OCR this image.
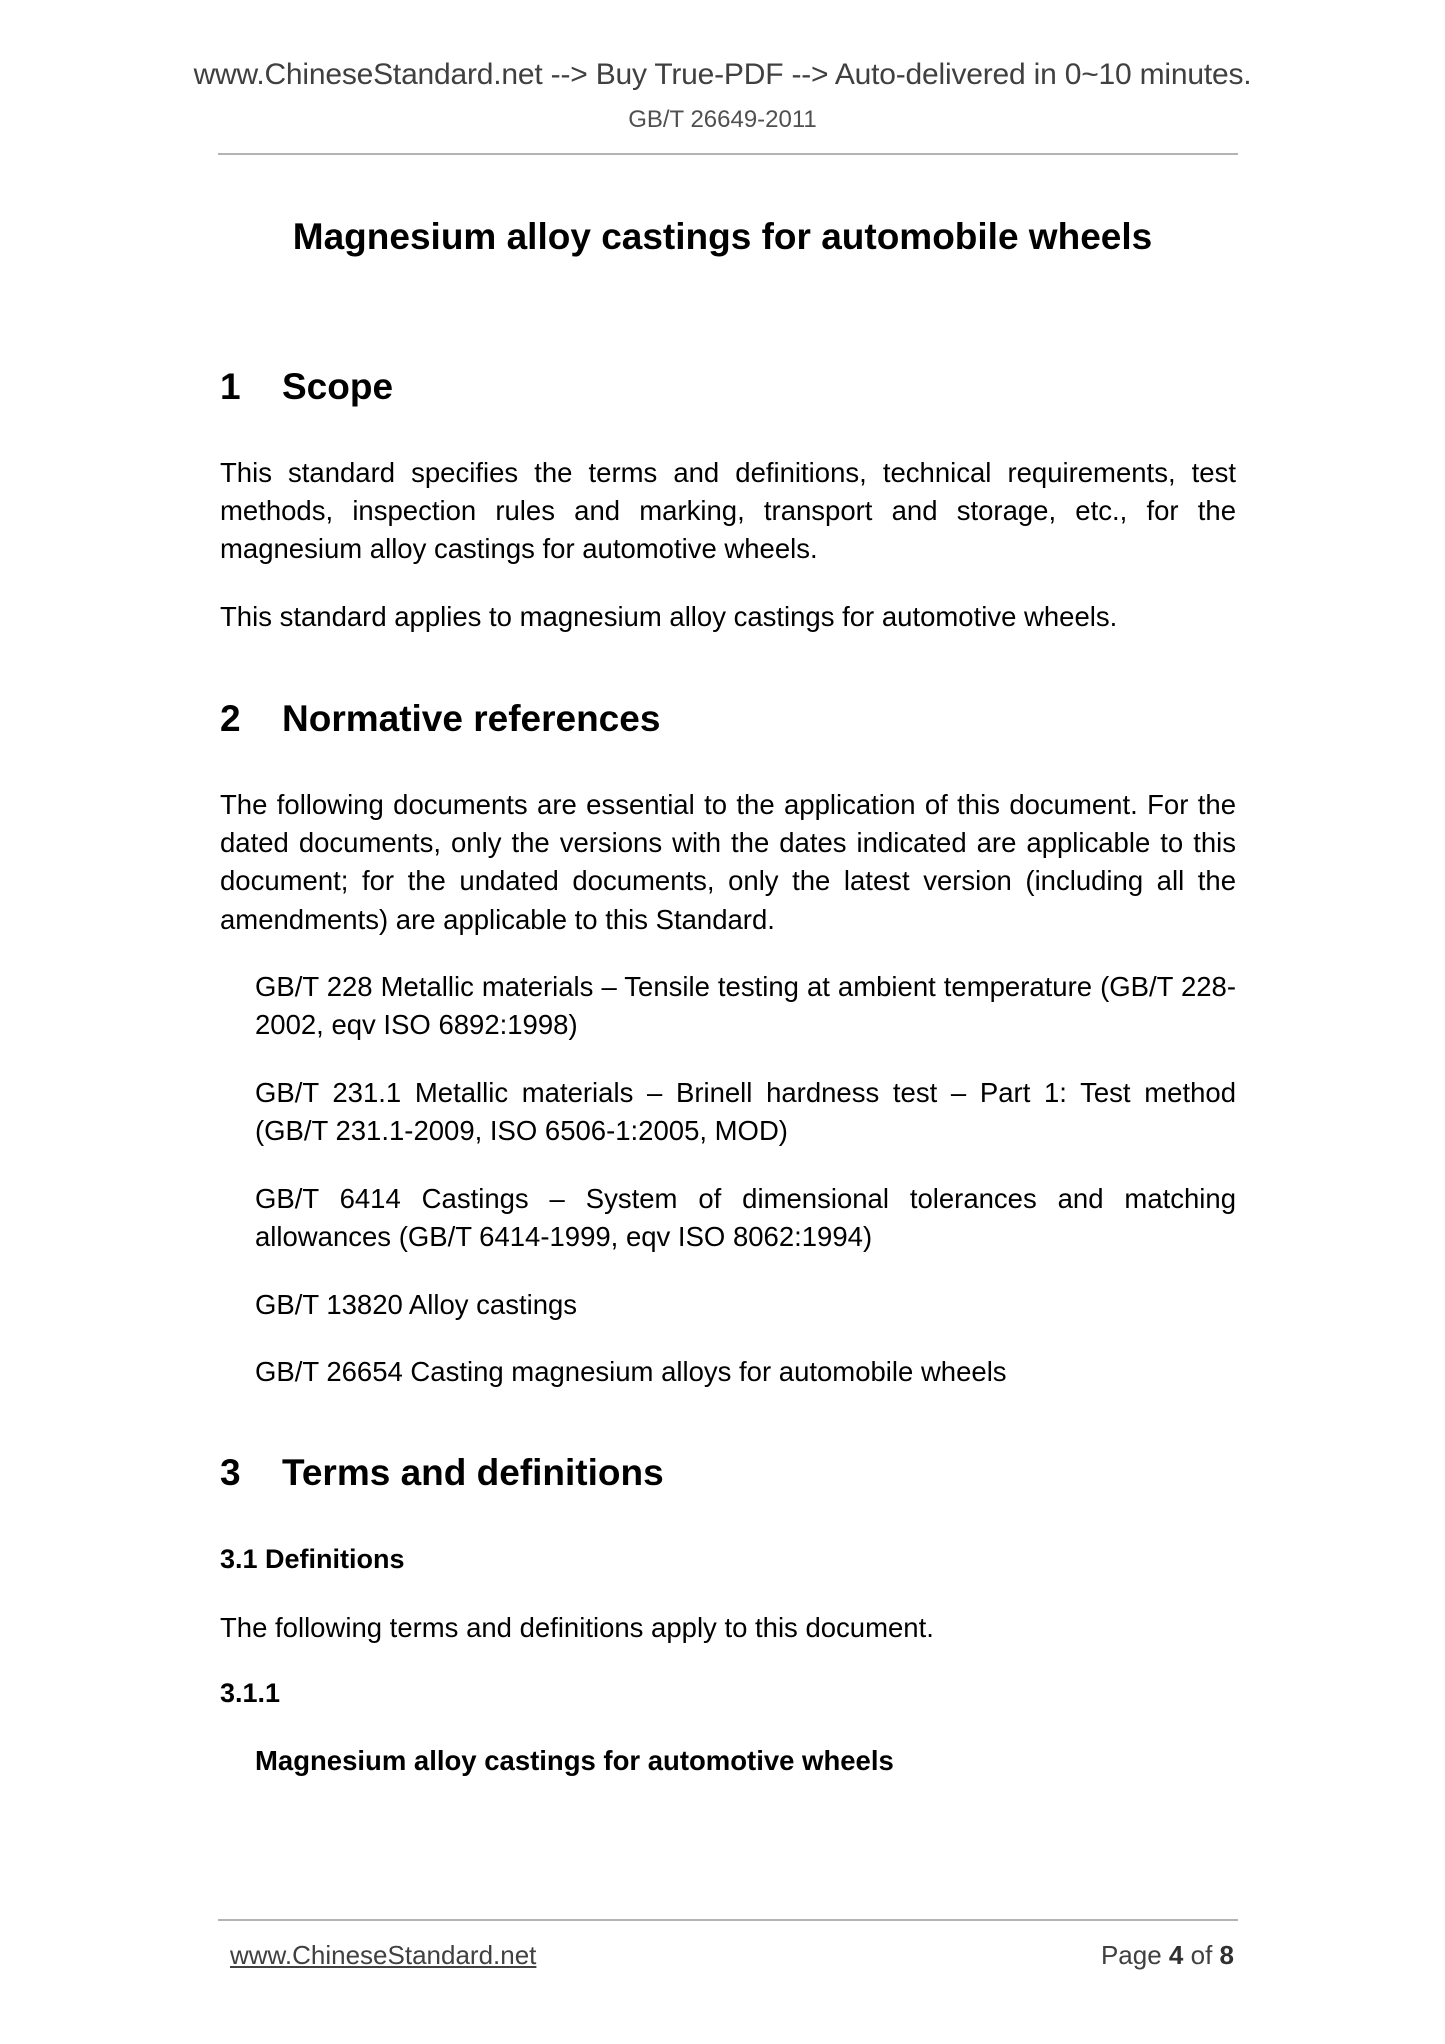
www.ChineseStandard.net --> Buy True-PDF --> Auto-delivered in 0~10 minutes.
GB/T 26649-2011
Magnesium alloy castings for automobile wheels
1 Scope
This standard specifies the terms and definitions, technical requirements, test methods, inspection rules and marking, transport and storage, etc., for the magnesium alloy castings for automotive wheels.
This standard applies to magnesium alloy castings for automotive wheels.
2 Normative references
The following documents are essential to the application of this document. For the dated documents, only the versions with the dates indicated are applicable to this document; for the undated documents, only the latest version (including all the amendments) are applicable to this Standard.
GB/T 228 Metallic materials – Tensile testing at ambient temperature (GB/T 228-2002, eqv ISO 6892:1998)
GB/T 231.1 Metallic materials – Brinell hardness test – Part 1: Test method (GB/T 231.1-2009, ISO 6506-1:2005, MOD)
GB/T 6414 Castings – System of dimensional tolerances and matching allowances (GB/T 6414-1999, eqv ISO 8062:1994)
GB/T 13820 Alloy castings
GB/T 26654 Casting magnesium alloys for automobile wheels
3 Terms and definitions
3.1 Definitions
The following terms and definitions apply to this document.
3.1.1
Magnesium alloy castings for automotive wheels
www.ChineseStandard.net	Page 4 of 8
